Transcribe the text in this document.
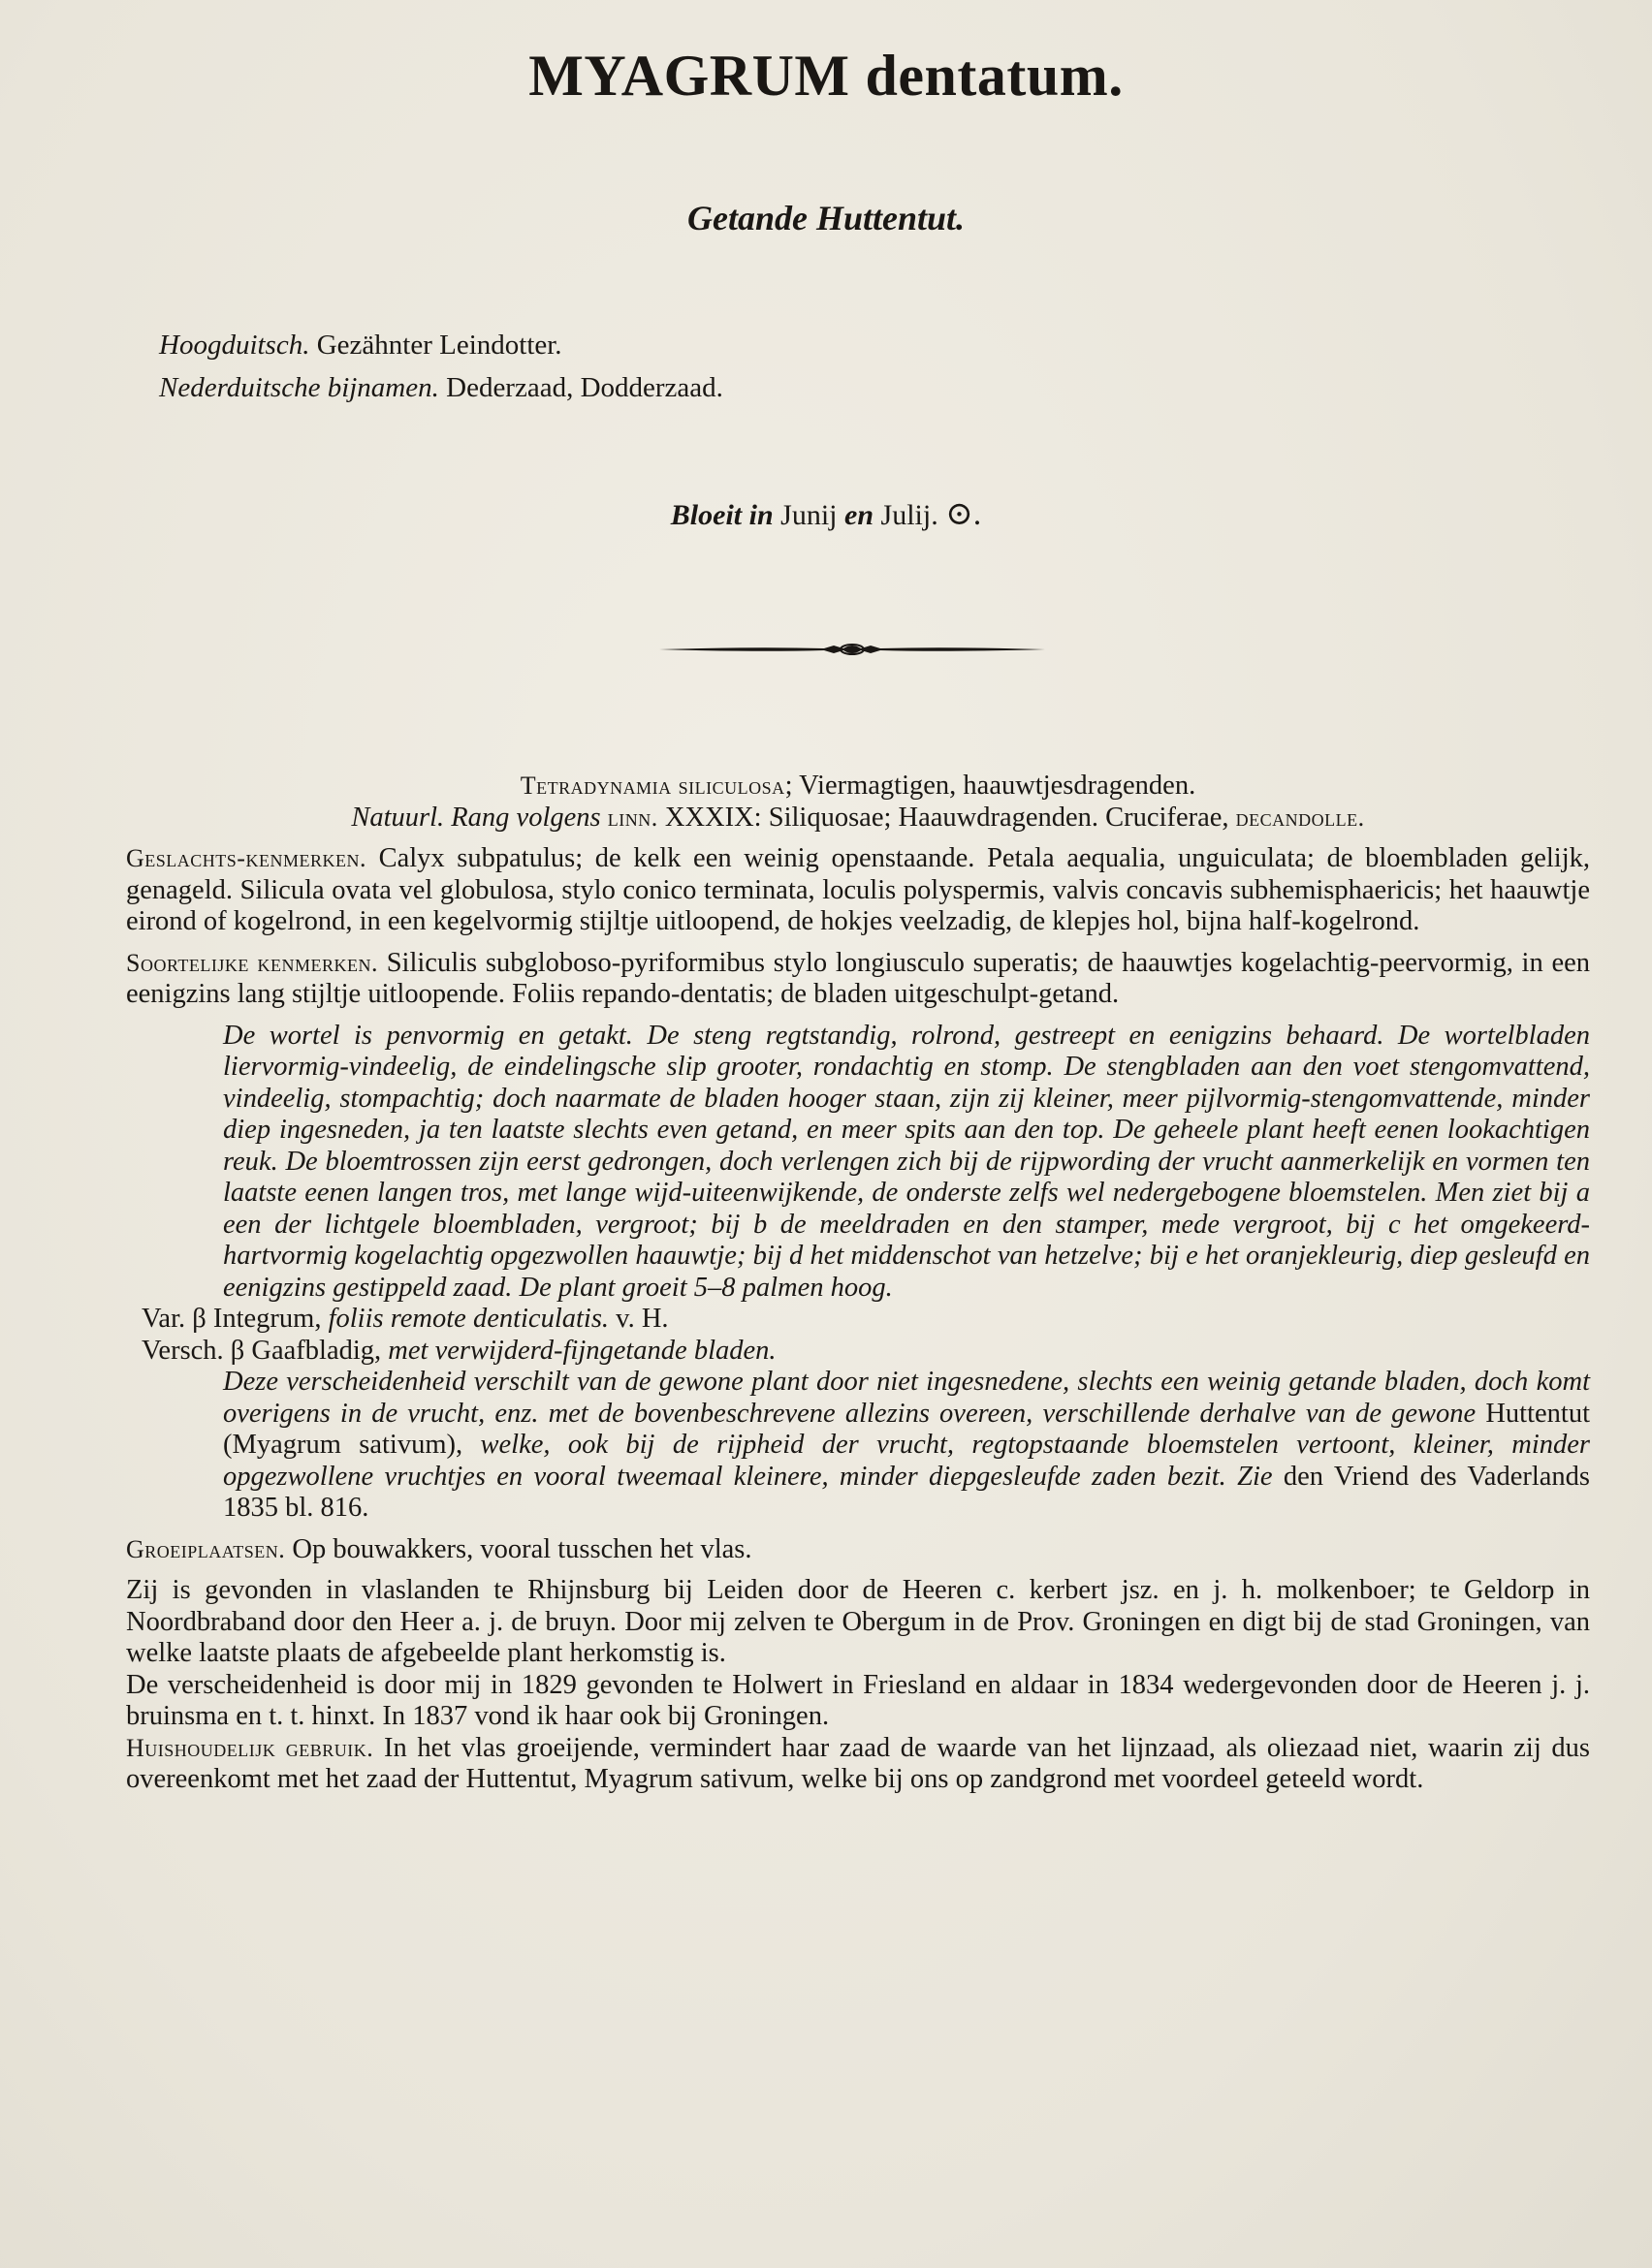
MYAGRUM dentatum.
Getande Huttentut.
Hoogduitsch. Gezähnter Leindotter.
Nederduitsche bijnamen. Dederzaad, Dodderzaad.
Bloeit in Junij en Julij. ⊙.

Tetradynamia siliculosa; Viermagtigen, haauwtjesdragenden.

Natuurl. Rang volgens linn. XXXIX: Siliquosae; Haauwdragenden. Cruciferae, decandolle.

Geslachts-kenmerken. Calyx subpatulus; de kelk een weinig openstaande. Petala aequalia, unguiculata; de bloembladen gelijk, genageld. Silicula ovata vel globulosa, stylo conico terminata, loculis polyspermis, valvis concavis subhemisphaericis; het haauwtje eirond of kogelrond, in een kegelvormig stijltje uitloopend, de hokjes veelzadig, de klepjes hol, bijna half-kogelrond.

Soortelijke kenmerken. Siliculis subgloboso-pyriformibus stylo longiusculo superatis; de haauwtjes kogelachtig-peervormig, in een eenigzins lang stijltje uitloopende. Foliis repando-dentatis; de bladen uitgeschulpt-getand.

De wortel is penvormig en getakt. De steng regtstandig, rolrond, gestreept en eenigzins behaard. De wortelbladen liervormig-vindeelig, de eindelingsche slip grooter, rondachtig en stomp. De stengbladen aan den voet stengomvattend, vindeelig, stompachtig; doch naarmate de bladen hooger staan, zijn zij kleiner, meer pijlvormig-stengomvattende, minder diep ingesneden, ja ten laatste slechts even getand, en meer spits aan den top. De geheele plant heeft eenen lookachtigen reuk. De bloemtrossen zijn eerst gedrongen, doch verlengen zich bij de rijpwording der vrucht aanmerkelijk en vormen ten laatste eenen langen tros, met lange wijd-uiteenwijkende, de onderste zelfs wel nedergebogene bloemstelen. Men ziet bij a een der lichtgele bloembladen, vergroot; bij b de meeldraden en den stamper, mede vergroot, bij c het omgekeerd-hartvormig kogelachtig opgezwollen haauwtje; bij d het middenschot van hetzelve; bij e het oranjekleurig, diep gesleufd en eenigzins gestippeld zaad. De plant groeit 5–8 palmen hoog.

Var. β Integrum, foliis remote denticulatis. v. H.

Versch. β Gaafbladig, met verwijderd-fijngetande bladen.

Deze verscheidenheid verschilt van de gewone plant door niet ingesnedene, slechts een weinig getande bladen, doch komt overigens in de vrucht, enz. met de bovenbeschrevene allezins overeen, verschillende derhalve van de gewone Huttentut (Myagrum sativum), welke, ook bij de rijpheid der vrucht, regtopstaande bloemstelen vertoont, kleiner, minder opgezwollene vruchtjes en vooral tweemaal kleinere, minder diepgesleufde zaden bezit. Zie den Vriend des Vaderlands 1835 bl. 816.

Groeiplaatsen. Op bouwakkers, vooral tusschen het vlas.

Zij is gevonden in vlaslanden te Rhijnsburg bij Leiden door de Heeren c. kerbert jsz. en j. h. molkenboer; te Geldorp in Noordbraband door den Heer a. j. de bruyn. Door mij zelven te Obergum in de Prov. Groningen en digt bij de stad Groningen, van welke laatste plaats de afgebeelde plant herkomstig is.

De verscheidenheid is door mij in 1829 gevonden te Holwert in Friesland en aldaar in 1834 wedergevonden door de Heeren j. j. bruinsma en t. t. hinxt. In 1837 vond ik haar ook bij Groningen.

Huishoudelijk gebruik. In het vlas groeijende, vermindert haar zaad de waarde van het lijnzaad, als oliezaad niet, waarin zij dus overeenkomt met het zaad der Huttentut, Myagrum sativum, welke bij ons op zandgrond met voordeel geteeld wordt.
